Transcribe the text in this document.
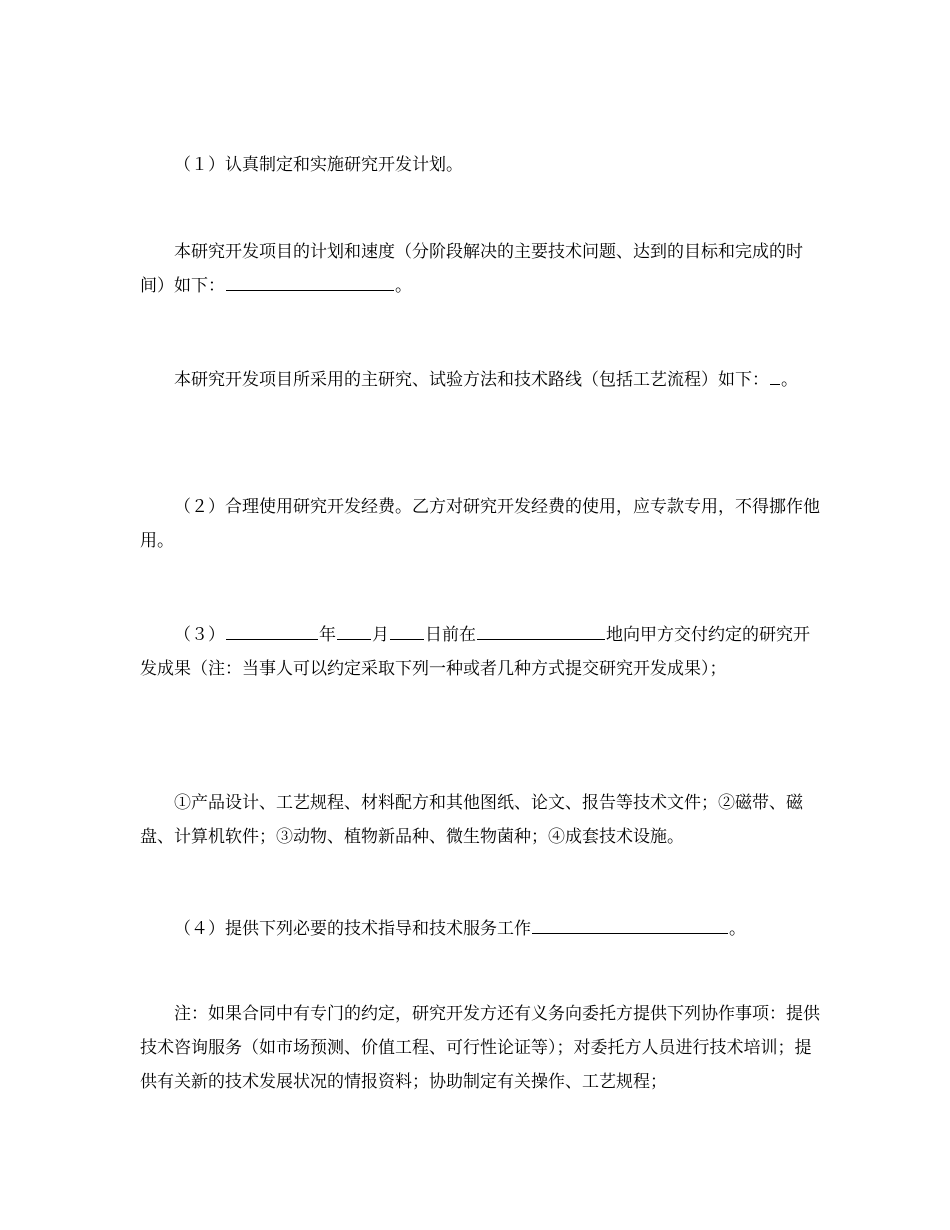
（１）认真制定和实施研究开发计划。

本研究开发项目的计划和速度（分阶段解决的主要技术问题、达到的目标和完成的时间）如下：	。

本研究开发项目所采用的主研究、试验方法和技术路线（包括工艺流程）如下： 。

（２）合理使用研究开发经费。乙方对研究开发经费的使用，应专款专用，不得挪作他用。

（３）	年 月 日前在	地向甲方交付约定的研究开发成果（注：当事人可以约定采取下列一种或者几种方式提交研究开发成果）；

①产品设计、工艺规程、材料配方和其他图纸、论文、报告等技术文件；②磁带、磁盘、计算机软件；③动物、植物新品种、微生物菌种；④成套技术设施。

（４）提供下列必要的技术指导和技术服务工作	。

注：如果合同中有专门的约定，研究开发方还有义务向委托方提供下列协作事项：提供技术咨询服务（如市场预测、价值工程、可行性论证等）；对委托方人员进行技术培训；提供有关新的技术发展状况的情报资料；协助制定有关操作、工艺规程；
